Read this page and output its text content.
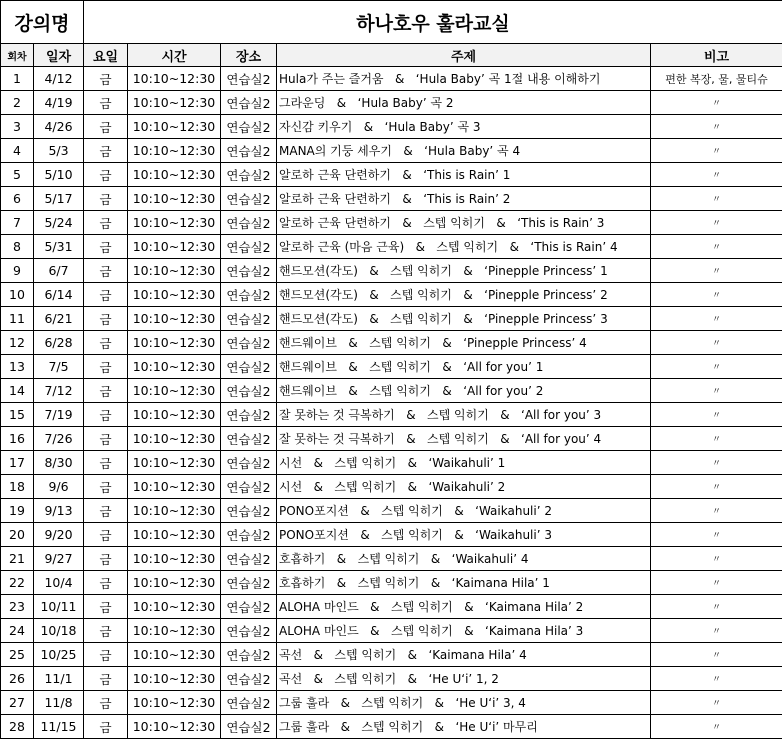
강의명		하나호우 훌라교실				
회차	일자	요일	시간	장소	주제	비고
1	4/12	금	10:10~12:30	연습실2	Hula가 주는 즐거움   &   ‘Hula Baby’ 곡 1절 내용 이해하기	편한 복장, 물, 물티슈
2	4/19	금	10:10~12:30	연습실2	그라운딩   &   ‘Hula Baby’ 곡 2	〃
3	4/26	금	10:10~12:30	연습실2	자신감 키우기   &   ‘Hula Baby’ 곡 3	〃
4	5/3	금	10:10~12:30	연습실2	MANA의 기둥 세우기   &   ‘Hula Baby’ 곡 4	〃
5	5/10	금	10:10~12:30	연습실2	알로하 근육 단련하기   &   ‘This is Rain’ 1	〃
6	5/17	금	10:10~12:30	연습실2	알로하 근육 단련하기   &   ‘This is Rain’ 2	〃
7	5/24	금	10:10~12:30	연습실2	알로하 근육 단련하기   &   스텝 익히기   &   ‘This is Rain’ 3	〃
8	5/31	금	10:10~12:30	연습실2	알로하 근육 (마음 근육)   &   스텝 익히기   &   ‘This is Rain’ 4	〃
9	6/7	금	10:10~12:30	연습실2	핸드모션(각도)   &   스텝 익히기   &   ‘Pinepple Princess’ 1	〃
10	6/14	금	10:10~12:30	연습실2	핸드모션(각도)   &   스텝 익히기   &   ‘Pinepple Princess’ 2	〃
11	6/21	금	10:10~12:30	연습실2	핸드모션(각도)   &   스텝 익히기   &   ‘Pinepple Princess’ 3	〃
12	6/28	금	10:10~12:30	연습실2	핸드웨이브   &   스텝 익히기   &   ‘Pinepple Princess’ 4	〃
13	7/5	금	10:10~12:30	연습실2	핸드웨이브   &   스텝 익히기   &   ‘All for you’ 1	〃
14	7/12	금	10:10~12:30	연습실2	핸드웨이브   &   스텝 익히기   &   ‘All for you’ 2	〃
15	7/19	금	10:10~12:30	연습실2	잘 못하는 것 극복하기   &   스텝 익히기   &   ‘All for you’ 3	〃
16	7/26	금	10:10~12:30	연습실2	잘 못하는 것 극복하기   &   스텝 익히기   &   ‘All for you’ 4	〃
17	8/30	금	10:10~12:30	연습실2	시선   &   스텝 익히기   &   ‘Waikahuli’ 1	〃
18	9/6	금	10:10~12:30	연습실2	시선   &   스텝 익히기   &   ‘Waikahuli’ 2	〃
19	9/13	금	10:10~12:30	연습실2	PONO포지션   &   스텝 익히기   &   ‘Waikahuli’ 2	〃
20	9/20	금	10:10~12:30	연습실2	PONO포지션   &   스텝 익히기   &   ‘Waikahuli’ 3	〃
21	9/27	금	10:10~12:30	연습실2	호흡하기   &   스텝 익히기   &   ‘Waikahuli’ 4	〃
22	10/4	금	10:10~12:30	연습실2	호흡하기   &   스텝 익히기   &   ‘Kaimana Hila’ 1	〃
23	10/11	금	10:10~12:30	연습실2	ALOHA 마인드   &   스텝 익히기   &   ‘Kaimana Hila’ 2	〃
24	10/18	금	10:10~12:30	연습실2	ALOHA 마인드   &   스텝 익히기   &   ‘Kaimana Hila’ 3	〃
25	10/25	금	10:10~12:30	연습실2	곡선   &   스텝 익히기   &   ‘Kaimana Hila’ 4	〃
26	11/1	금	10:10~12:30	연습실2	곡선   &   스텝 익히기   &   ‘He U‘i’ 1, 2	〃
27	11/8	금	10:10~12:30	연습실2	그룹 훌라   &   스텝 익히기   &   ‘He U‘i’ 3, 4	〃
28	11/15	금	10:10~12:30	연습실2	그룹 훌라   &   스텝 익히기   &   ‘He U‘i’ 마무리	〃
